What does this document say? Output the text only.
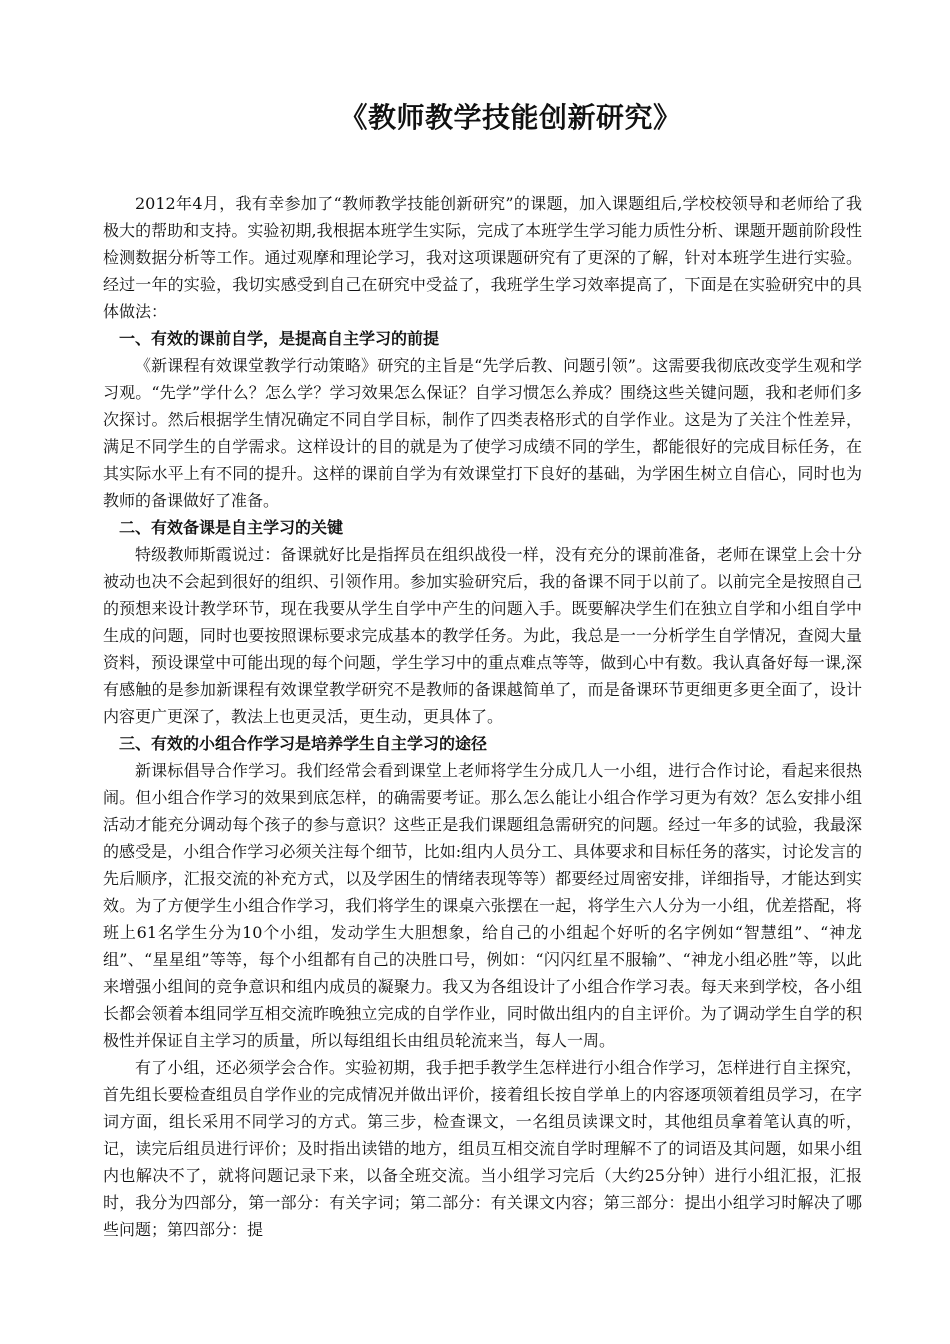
《教师教学技能创新研究》

2012年4月，我有幸参加了“教师教学技能创新研究”的课题，加入课题组后,学校校领导和老师给了我极大的帮助和支持。实验初期,我根据本班学生实际，完成了本班学生学习能力质性分析、课题开题前阶段性检测数据分析等工作。通过观摩和理论学习，我对这项课题研究有了更深的了解，针对本班学生进行实验。经过一年的实验，我切实感受到自己在研究中受益了，我班学生学习效率提高了，下面是在实验研究中的具体做法：

一、有效的课前自学，是提高自主学习的前提

《新课程有效课堂教学行动策略》研究的主旨是“先学后教、问题引领”。这需要我彻底改变学生观和学习观。“先学”学什么？怎么学？学习效果怎么保证？自学习惯怎么养成？围绕这些关键问题，我和老师们多次探讨。然后根据学生情况确定不同自学目标，制作了四类表格形式的自学作业。这是为了关注个性差异，满足不同学生的自学需求。这样设计的目的就是为了使学习成绩不同的学生，都能很好的完成目标任务，在其实际水平上有不同的提升。这样的课前自学为有效课堂打下良好的基础，为学困生树立自信心，同时也为教师的备课做好了准备。

二、有效备课是自主学习的关键

特级教师斯霞说过：备课就好比是指挥员在组织战役一样，没有充分的课前准备，老师在课堂上会十分被动也决不会起到很好的组织、引领作用。参加实验研究后，我的备课不同于以前了。以前完全是按照自己的预想来设计教学环节，现在我要从学生自学中产生的问题入手。既要解决学生们在独立自学和小组自学中生成的问题，同时也要按照课标要求完成基本的教学任务。为此，我总是一一分析学生自学情况，查阅大量资料，预设课堂中可能出现的每个问题，学生学习中的重点难点等等，做到心中有数。我认真备好每一课,深有感触的是参加新课程有效课堂教学研究不是教师的备课越简单了，而是备课环节更细更多更全面了，设计内容更广更深了，教法上也更灵活，更生动，更具体了。

三、有效的小组合作学习是培养学生自主学习的途径

新课标倡导合作学习。我们经常会看到课堂上老师将学生分成几人一小组，进行合作讨论，看起来很热闹。但小组合作学习的效果到底怎样，的确需要考证。那么怎么能让小组合作学习更为有效？怎么安排小组活动才能充分调动每个孩子的参与意识？这些正是我们课题组急需研究的问题。经过一年多的试验，我最深的感受是，小组合作学习必须关注每个细节，比如:组内人员分工、具体要求和目标任务的落实，讨论发言的先后顺序，汇报交流的补充方式，以及学困生的情绪表现等等）都要经过周密安排，详细指导，才能达到实效。为了方便学生小组合作学习，我们将学生的课桌六张摆在一起，将学生六人分为一小组，优差搭配，将班上61名学生分为10个小组，发动学生大胆想象，给自己的小组起个好听的名字例如“智慧组”、“神龙组”、“星星组”等等，每个小组都有自己的决胜口号，例如：“闪闪红星不服输”、“神龙小组必胜”等，以此来增强小组间的竞争意识和组内成员的凝聚力。我又为各组设计了小组合作学习表。每天来到学校，各小组长都会领着本组同学互相交流昨晚独立完成的自学作业，同时做出组内的自主评价。为了调动学生自学的积极性并保证自主学习的质量，所以每组组长由组员轮流来当，每人一周。

有了小组，还必须学会合作。实验初期，我手把手教学生怎样进行小组合作学习，怎样进行自主探究，首先组长要检查组员自学作业的完成情况并做出评价，接着组长按自学单上的内容逐项领着组员学习，在字词方面，组长采用不同学习的方式。第三步，检查课文，一名组员读课文时，其他组员拿着笔认真的听，记，读完后组员进行评价；及时指出读错的地方，组员互相交流自学时理解不了的词语及其问题，如果小组内也解决不了，就将问题记录下来，以备全班交流。当小组学习完后（大约25分钟）进行小组汇报，汇报时，我分为四部分，第一部分：有关字词；第二部分：有关课文内容；第三部分：提出小组学习时解决了哪些问题；第四部分：提
